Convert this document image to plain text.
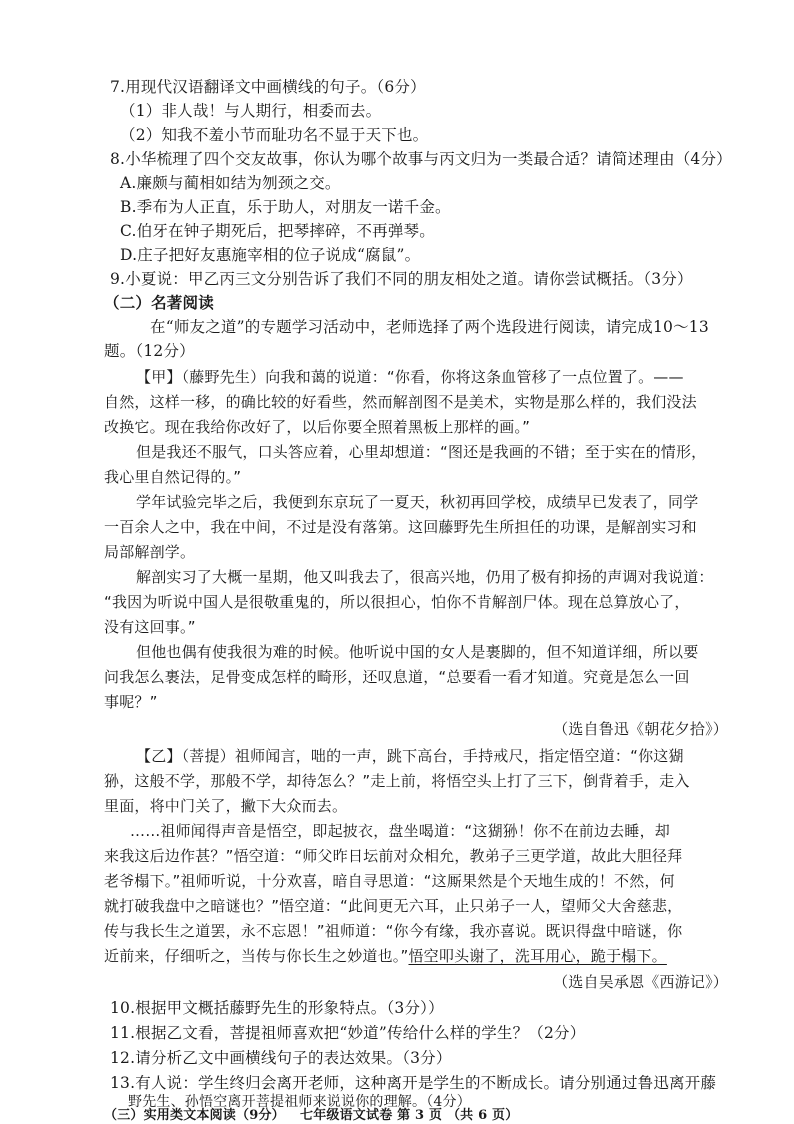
7.用现代汉语翻译文中画横线的句子。（6分）
（1）非人哉！与人期行，相委而去。
（2）知我不羞小节而耻功名不显于天下也。
8.小华梳理了四个交友故事，你认为哪个故事与丙文归为一类最合适？请简述理由（4分）
A.廉颇与蔺相如结为刎颈之交。
B.季布为人正直，乐于助人，对朋友一诺千金。
C.伯牙在钟子期死后，把琴摔碎，不再弹琴。
D.庄子把好友惠施宰相的位子说成“腐鼠”。
9.小夏说：甲乙丙三文分别告诉了我们不同的朋友相处之道。请你尝试概括。（3分）
（二）名著阅读
在“师友之道”的专题学习活动中，老师选择了两个选段进行阅读，请完成10～13
题。（12分）
【甲】（藤野先生）向我和蔼的说道：“你看，你将这条血管移了一点位置了。——
自然，这样一移，的确比较的好看些，然而解剖图不是美术，实物是那么样的，我们没法
改换它。现在我给你改好了，以后你要全照着黑板上那样的画。”
但是我还不服气，口头答应着，心里却想道：“图还是我画的不错；至于实在的情形，
我心里自然记得的。”
学年试验完毕之后，我便到东京玩了一夏天，秋初再回学校，成绩早已发表了，同学
一百余人之中，我在中间，不过是没有落第。这回藤野先生所担任的功课，是解剖实习和
局部解剖学。
解剖实习了大概一星期，他又叫我去了，很高兴地，仍用了极有抑扬的声调对我说道：
“我因为听说中国人是很敬重鬼的，所以很担心，怕你不肯解剖尸体。现在总算放心了，
没有这回事。”
但他也偶有使我很为难的时候。他听说中国的女人是裹脚的，但不知道详细，所以要
问我怎么裹法，足骨变成怎样的畸形，还叹息道，“总要看一看才知道。究竟是怎么一回
事呢？”
（选自鲁迅《朝花夕拾》）
【乙】（菩提）祖师闻言，咄的一声，跳下高台，手持戒尺，指定悟空道：“你这猢
狲，这般不学，那般不学，却待怎么？”走上前，将悟空头上打了三下，倒背着手，走入
里面，将中门关了，撇下大众而去。
……祖师闻得声音是悟空，即起披衣，盘坐喝道：“这猢狲！你不在前边去睡，却
来我这后边作甚？”悟空道：“师父昨日坛前对众相允，教弟子三更学道，故此大胆径拜
老爷榻下。”祖师听说，十分欢喜，暗自寻思道：“这厮果然是个天地生成的！不然，何
就打破我盘中之暗谜也？”悟空道：“此间更无六耳，止只弟子一人，望师父大舍慈悲，
传与我长生之道罢，永不忘恩！”祖师道：“你今有缘，我亦喜说。既识得盘中暗谜，你
近前来，仔细听之，当传与你长生之妙道也。”悟空叩头谢了，洗耳用心，跪于榻下。
（选自吴承恩《西游记》）
10.根据甲文概括藤野先生的形象特点。（3分））
11.根据乙文看，菩提祖师喜欢把“妙道”传给什么样的学生？（2分）
12.请分析乙文中画横线句子的表达效果。（3分）
13.有人说：学生终归会离开老师，这种离开是学生的不断成长。请分别通过鲁迅离开藤
野先生、孙悟空离开菩提祖师来说说你的理解。（4分）
（三）实用类文本阅读（9分） 七年级语文试卷 第 3 页 （共 6 页）
